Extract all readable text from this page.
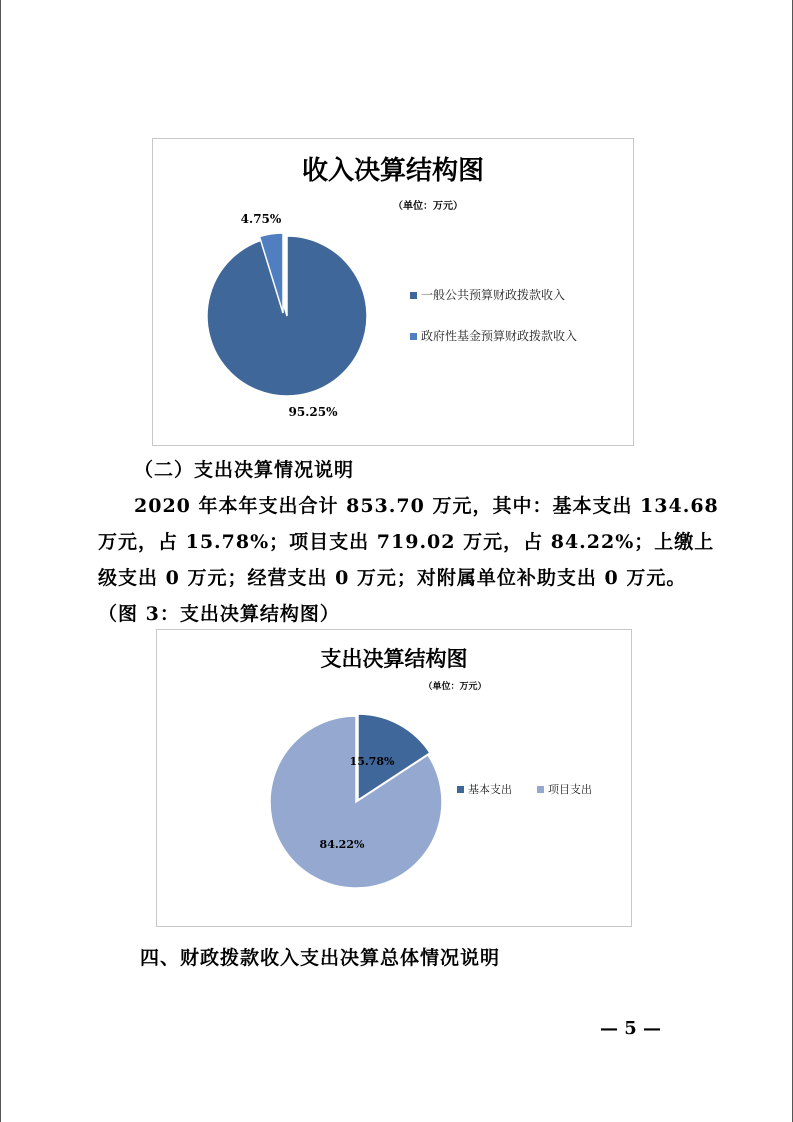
收入决算结构图
（单位：万元）
4.75%
95.25%
一般公共预算财政拨款收入
政府性基金预算财政拨款收入
（二）支出决算情况说明
2020 年本年支出合计 853.70 万元，其中：基本支出 134.68
万元，占 15.78%；项目支出 719.02 万元，占 84.22%；上缴上
级支出 0 万元；经营支出 0 万元；对附属单位补助支出 0 万元。
（图 3：支出决算结构图）
支出决算结构图
（单位：万元）
15.78%
84.22%
基本支出	项目支出
四、财政拨款收入支出决算总体情况说明
— 5 —
